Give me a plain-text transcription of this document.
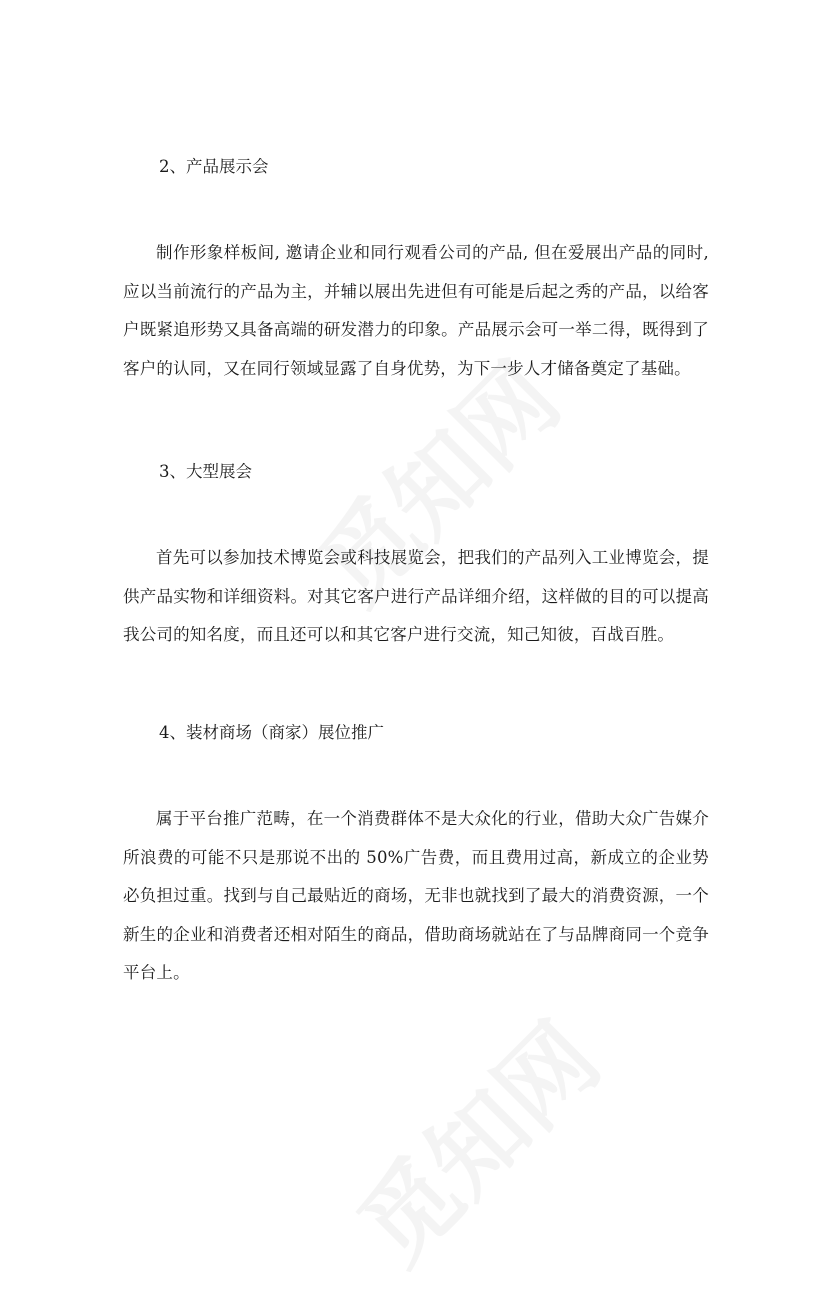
2、产品展示会

制作形象样板间, 邀请企业和同行观看公司的产品, 但在爱展出产品的同时, 应以当前流行的产品为主，并辅以展出先进但有可能是后起之秀的产品，以给客户既紧追形势又具备高端的研发潜力的印象。产品展示会可一举二得，既得到了客户的认同，又在同行领域显露了自身优势，为下一步人才储备奠定了基础。

3、大型展会

首先可以参加技术博览会或科技展览会，把我们的产品列入工业博览会，提供产品实物和详细资料。对其它客户进行产品详细介绍，这样做的目的可以提高我公司的知名度，而且还可以和其它客户进行交流，知己知彼，百战百胜。

4、装材商场（商家）展位推广

属于平台推广范畴，在一个消费群体不是大众化的行业，借助大众广告媒介所浪费的可能不只是那说不出的 50%广告费，而且费用过高，新成立的企业势必负担过重。找到与自己最贴近的商场，无非也就找到了最大的消费资源，一个新生的企业和消费者还相对陌生的商品，借助商场就站在了与品牌商同一个竞争平台上。
